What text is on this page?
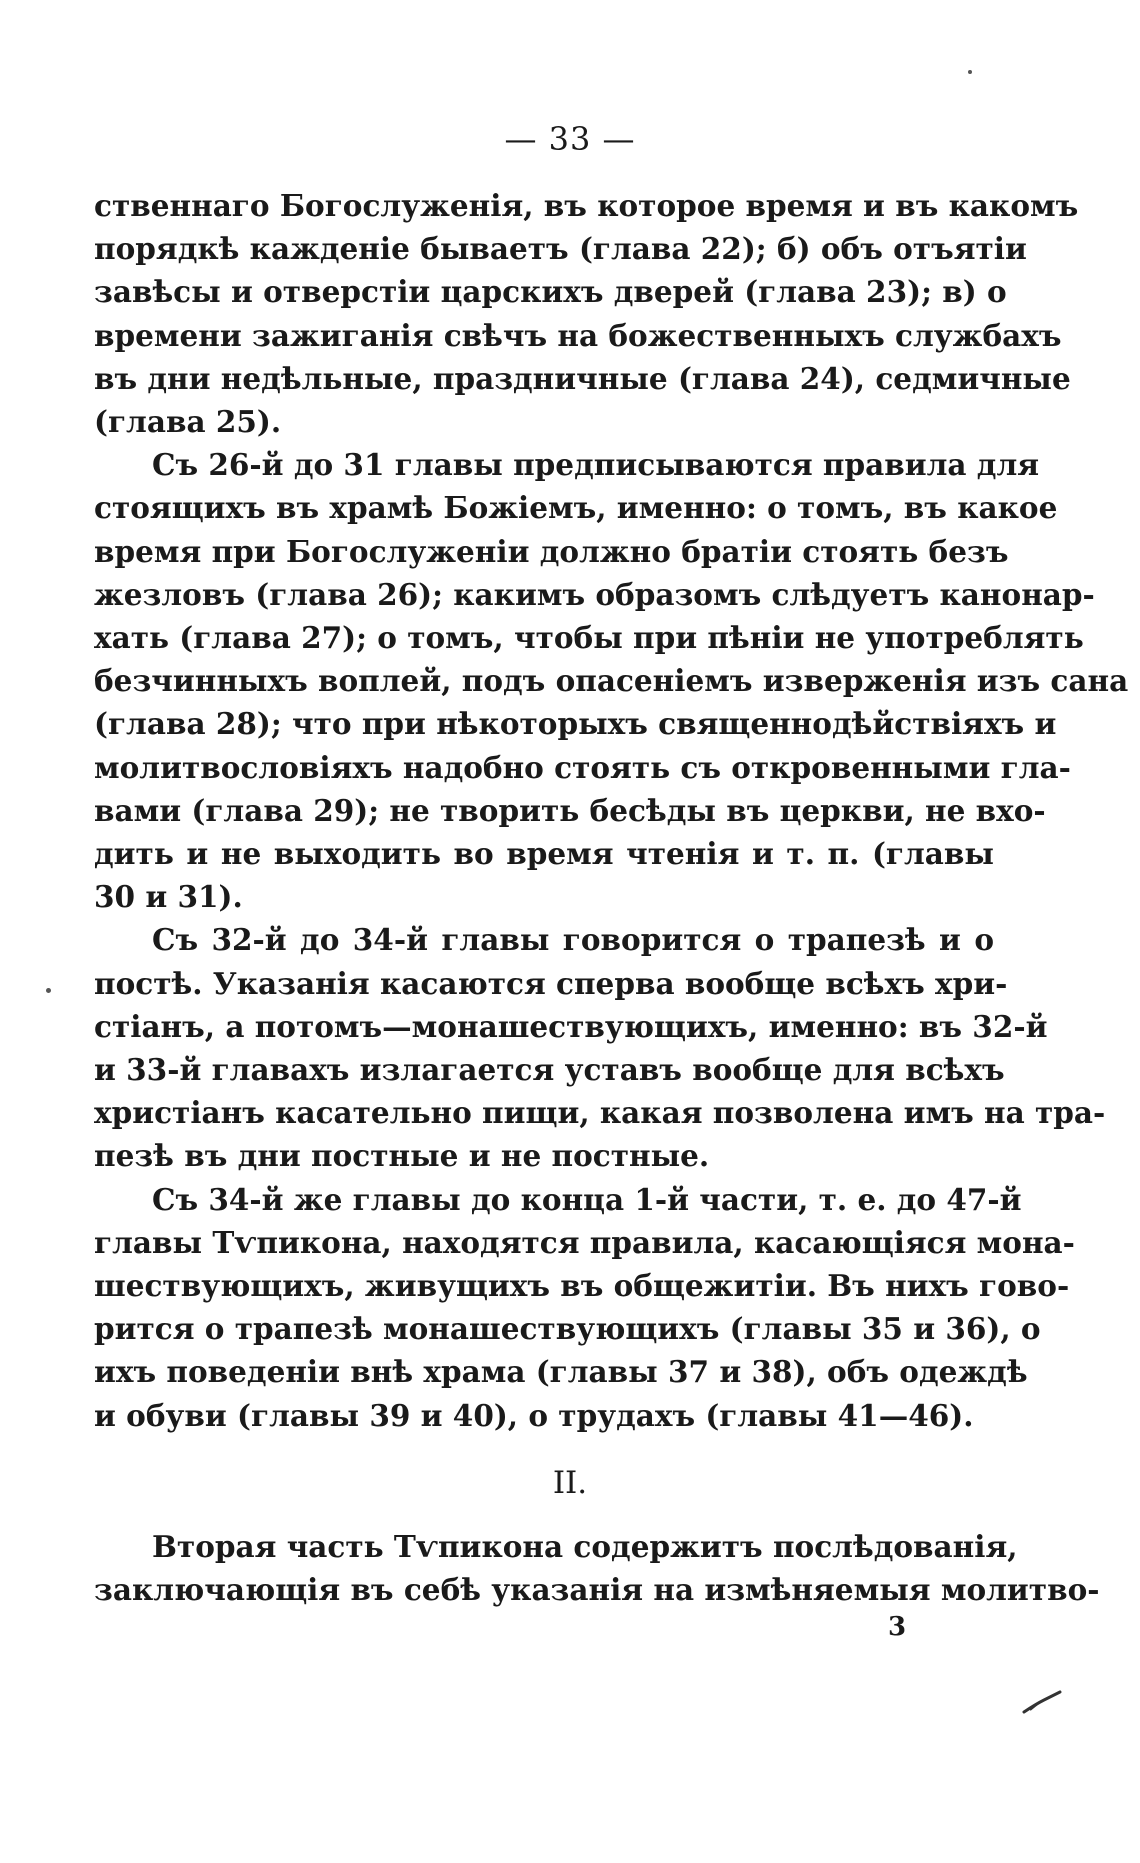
— 33 —
ственнаго Богослуженія, въ которое время и въ какомъ
порядкѣ кажденіе бываетъ (глава 22); б) объ отъятіи
завѣсы и отверстіи царскихъ дверей (глава 23); в) о
времени зажиганія свѣчъ на божественныхъ службахъ
въ дни недѣльные, праздничные (глава 24), седмичные
(глава 25).
Съ 26-й до 31 главы предписываются правила для
стоящихъ въ храмѣ Божіемъ, именно: о томъ, въ какое
время при Богослуженіи должно братіи стоять безъ
жезловъ (глава 26); какимъ образомъ слѣдуетъ канонар-
хать (глава 27); о томъ, чтобы при пѣніи не употреблять
безчинныхъ воплей, подъ опасеніемъ изверженія изъ сана
(глава 28); что при нѣкоторыхъ священнодѣйствіяхъ и
молитвословіяхъ надобно стоять съ откровенными гла-
вами (глава 29); не творить бесѣды въ церкви, не вхо-
дить и не выходить во время чтенія и т. п. (главы
30 и 31).
Съ 32-й до 34-й главы говорится о трапезѣ и о
постѣ. Указанія касаются сперва вообще всѣхъ хри-
стіанъ, а потомъ—монашествующихъ, именно: въ 32-й
и 33-й главахъ излагается уставъ вообще для всѣхъ
христіанъ касательно пищи, какая позволена имъ на тра-
пезѣ въ дни постные и не постные.
Съ 34-й же главы до конца 1-й части, т. е. до 47-й
главы Тѵпикона, находятся правила, касающіяся мона-
шествующихъ, живущихъ въ общежитіи. Въ нихъ гово-
рится о трапезѣ монашествующихъ (главы 35 и 36), о
ихъ поведеніи внѣ храма (главы 37 и 38), объ одеждѣ
и обуви (главы 39 и 40), о трудахъ (главы 41—46).
II.
Вторая часть Тѵпикона содержитъ послѣдованія,
заключающія въ себѣ указанія на измѣняемыя молитво-
3
